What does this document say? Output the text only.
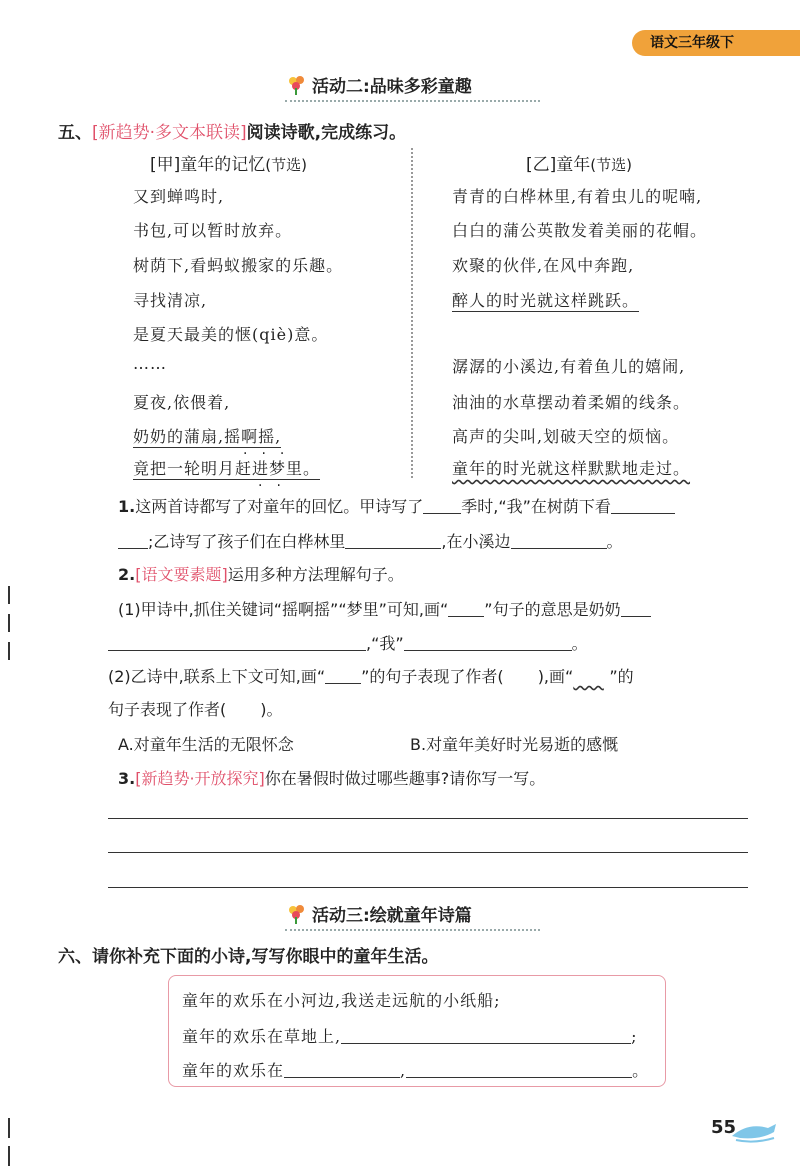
语文三年级下
活动二:品味多彩童趣
五、[新趋势·多文本联读]阅读诗歌,完成练习。
[甲]童年的记忆(节选)
又到蝉鸣时,
书包,可以暂时放弃。
树荫下,看蚂蚁搬家的乐趣。
寻找清凉,
是夏天最美的惬(qiè)意。
……
夏夜,依偎着,
奶奶的蒲扇,摇啊摇,
竟把一轮明月赶进梦里。
···
··
[乙]童年(节选)
青青的白桦林里,有着虫儿的呢喃,
白白的蒲公英散发着美丽的花帽。
欢聚的伙伴,在风中奔跑,
醉人的时光就这样跳跃。
潺潺的小溪边,有着鱼儿的嬉闹,
油油的水草摆动着柔媚的线条。
高声的尖叫,划破天空的烦恼。
童年的时光就这样默默地走过。
1.这两首诗都写了对童年的回忆。甲诗写了 季时,“我”在树荫下看
;乙诗写了孩子们在白桦林里	,在小溪边	。
2.[语文要素题]运用多种方法理解句子。
(1)甲诗中,抓住关键词“摇啊摇”“梦里”可知,画“ ”句子的意思是奶奶
,“我”	。
(2)乙诗中,联系上下文可知,画“ ”的句子表现了作者( ),画“ ”的
句子表现了作者( )。
A.对童年生活的无限怀念	B.对童年美好时光易逝的感慨
3.[新趋势·开放探究]你在暑假时做过哪些趣事?请你写一写。
活动三:绘就童年诗篇
六、请你补充下面的小诗,写写你眼中的童年生活。
童年的欢乐在小河边,我送走远航的小纸船;
童年的欢乐在草地上,	;
童年的欢乐在	,	。
55
